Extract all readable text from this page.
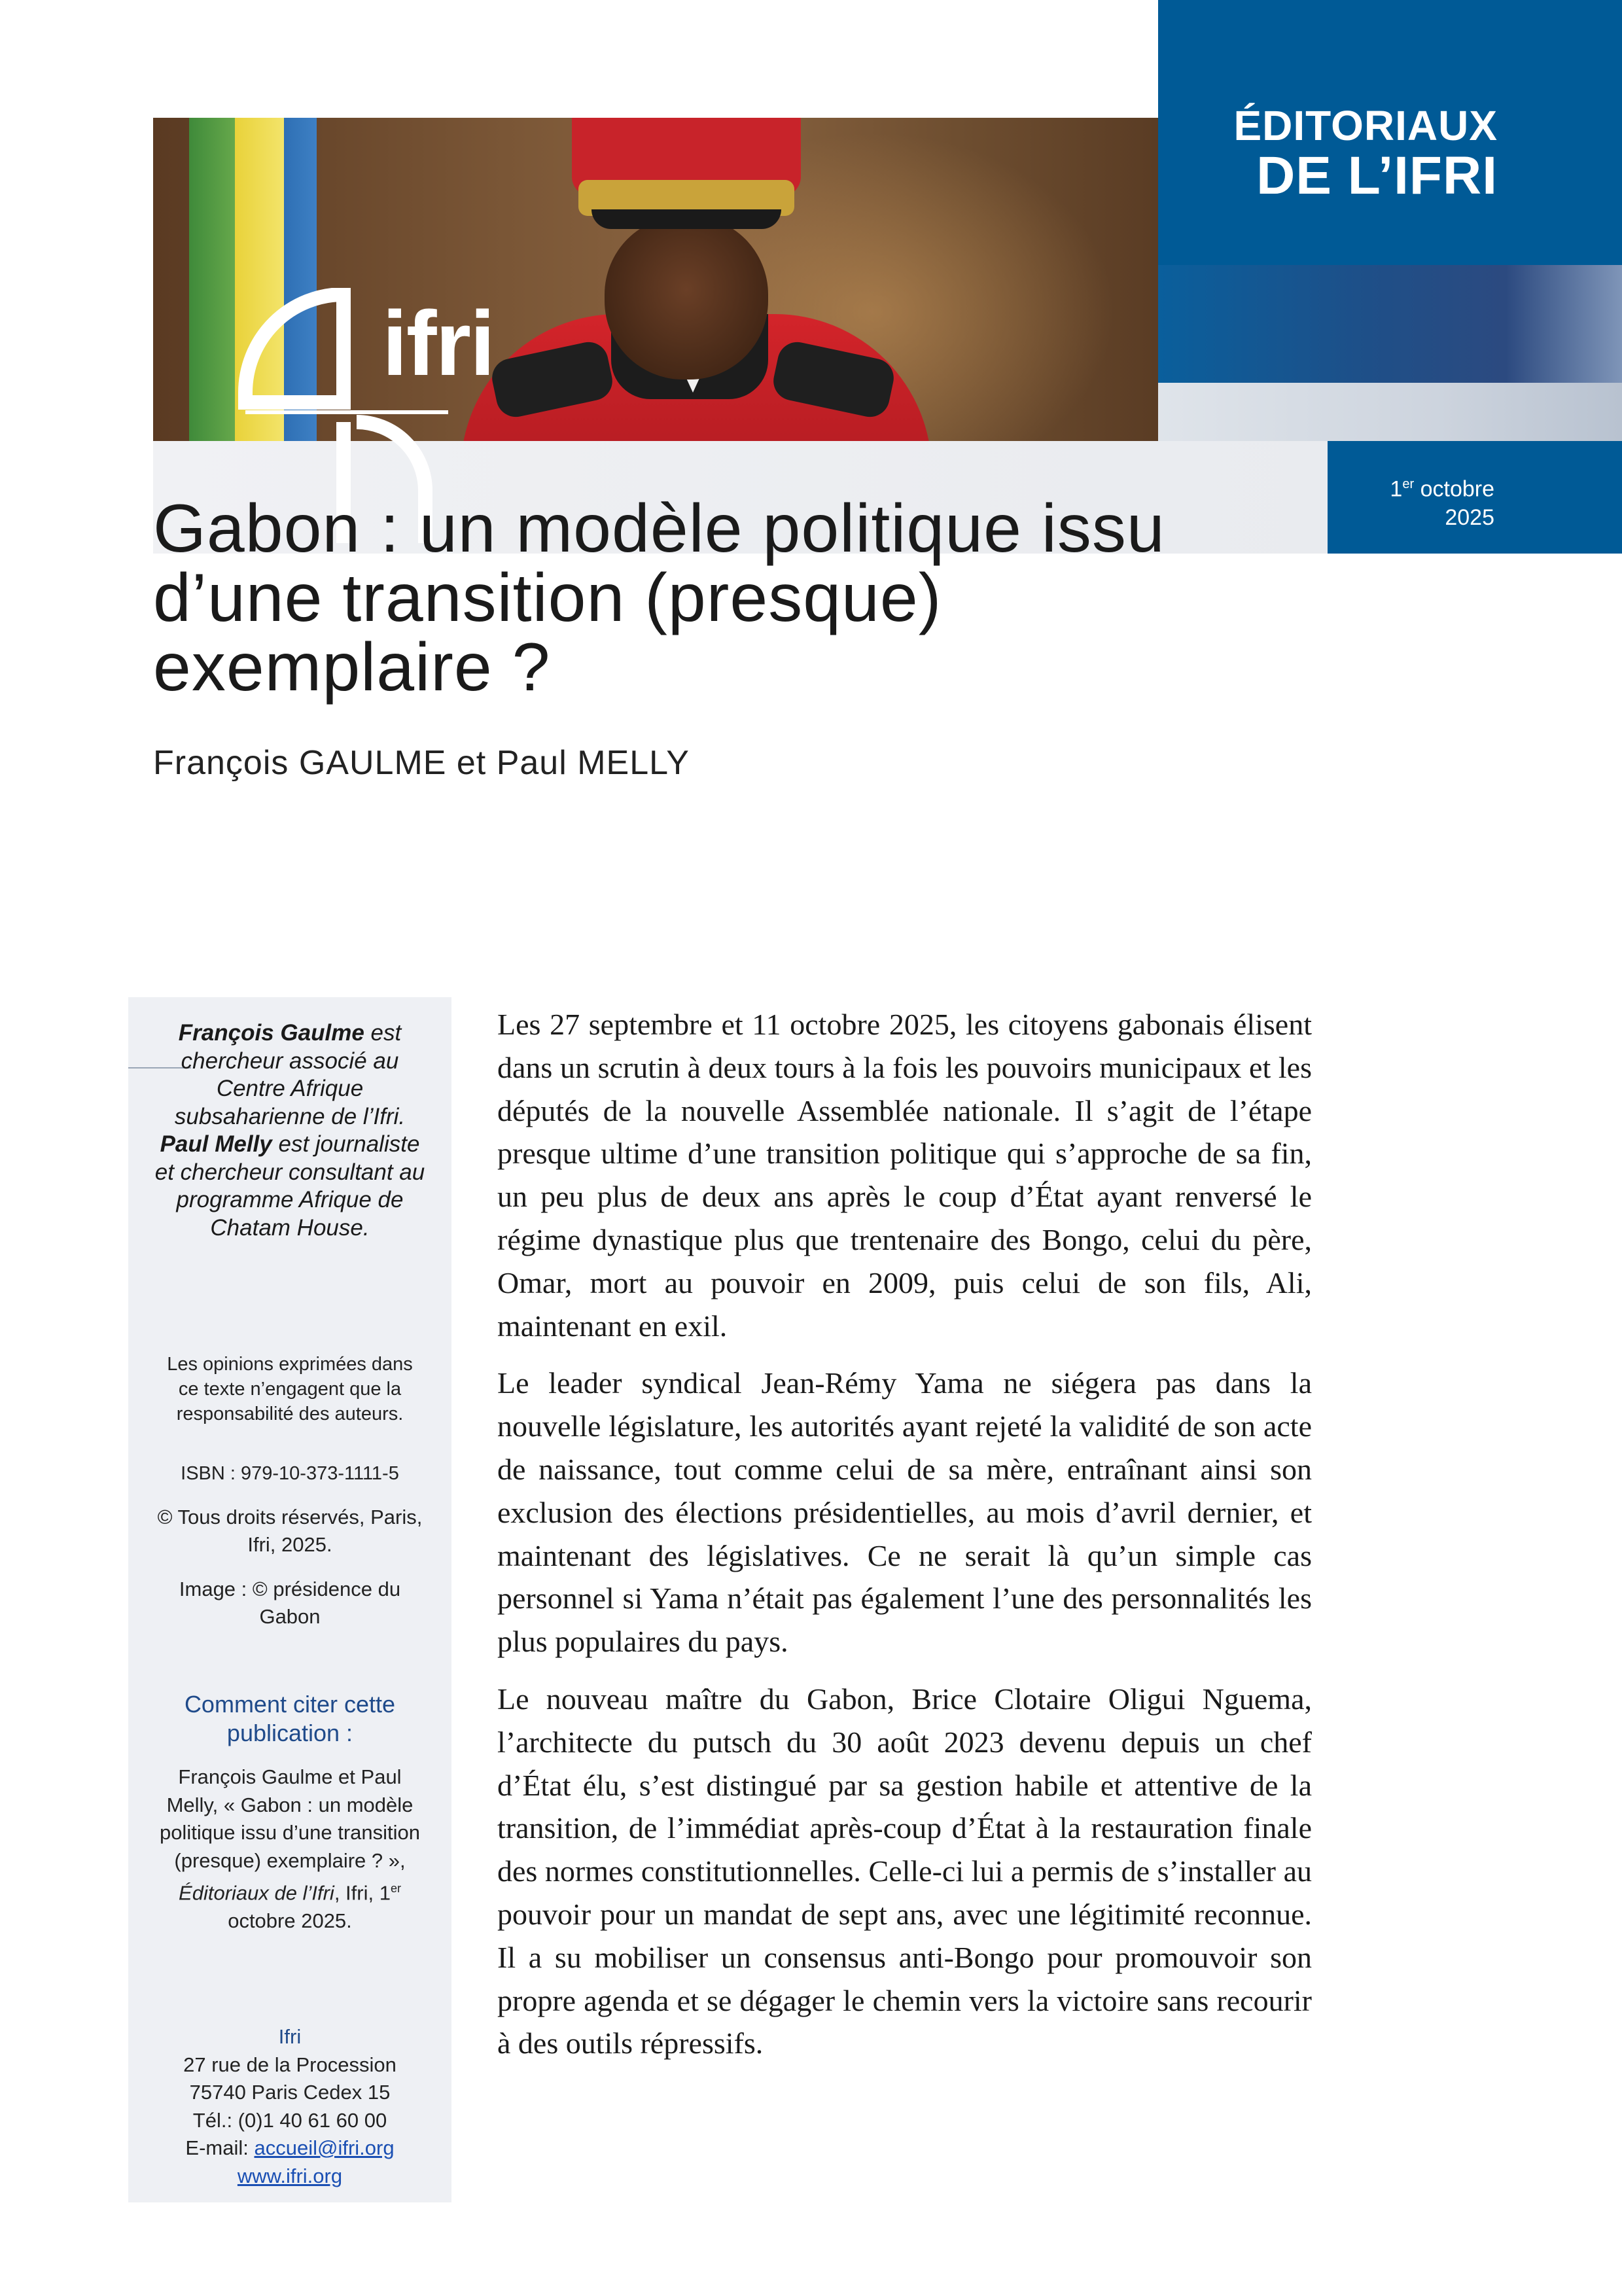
ÉDITORIAUX
DE L’IFRI
1er octobre
2025
ifri
Gabon : un modèle politique issu
d’une transition (presque)
exemplaire ?
François GAULME et Paul MELLY
François Gaulme est chercheur associé au Centre Afrique subsaharienne de l’Ifri. Paul Melly est journaliste et chercheur consultant au programme Afrique de Chatam House.
Les opinions exprimées dans ce texte n’engagent que la responsabilité des auteurs.
ISBN : 979-10-373-1111-5
© Tous droits réservés, Paris, Ifri, 2025.
Image : © présidence du Gabon
Comment citer cette publication :
François Gaulme et Paul Melly, « Gabon : un modèle politique issu d’une transition (presque) exemplaire ? », Éditoriaux de l’Ifri, Ifri, 1er octobre 2025.
Ifri
27 rue de la Procession
75740 Paris Cedex 15
Tél.: (0)1 40 61 60 00
E-mail: accueil@ifri.org
www.ifri.org

Les 27 septembre et 11 octobre 2025, les citoyens gabonais élisent dans un scrutin à deux tours à la fois les pouvoirs municipaux et les députés de la nouvelle Assemblée nationale. Il s’agit de l’étape presque ultime d’une transition politique qui s’approche de sa fin, un peu plus de deux ans après le coup d’État ayant renversé le régime dynastique plus que trentenaire des Bongo, celui du père, Omar, mort au pouvoir en 2009, puis celui de son fils, Ali, maintenant en exil.

Le leader syndical Jean-Rémy Yama ne siégera pas dans la nouvelle législature, les autorités ayant rejeté la validité de son acte de naissance, tout comme celui de sa mère, entraînant ainsi son exclusion des élections présidentielles, au mois d’avril dernier, et maintenant des législatives. Ce ne serait là qu’un simple cas personnel si Yama n’était pas également l’une des personnalités les plus populaires du pays.

Le nouveau maître du Gabon, Brice Clotaire Oligui Nguema, l’architecte du putsch du 30 août 2023 devenu depuis un chef d’État élu, s’est distingué par sa gestion habile et attentive de la transition, de l’immédiat après-coup d’État à la restauration finale des normes constitutionnelles. Celle-ci lui a permis de s’installer au pouvoir pour un mandat de sept ans, avec une légitimité reconnue. Il a su mobiliser un consensus anti-Bongo pour promouvoir son propre agenda et se dégager le chemin vers la victoire sans recourir à des outils répressifs.
